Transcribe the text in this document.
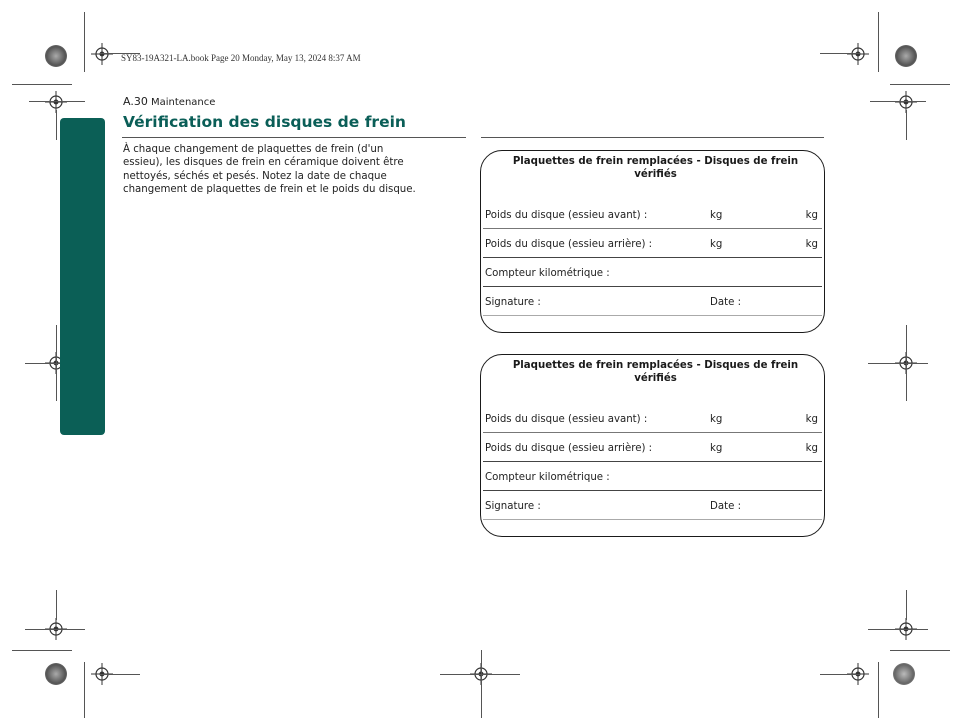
SY83-19A321-LA.book Page 20 Monday, May 13, 2024 8:37 AM
A.30 Maintenance
Vérification des disques de frein

À chaque changement de plaquettes de frein (d'un
essieu), les disques de frein en céramique doivent être
nettoyés, séchés et pesés. Notez la date de chaque
changement de plaquettes de frein et le poids du disque.

Plaquettes de frein remplacées - Disques de frein
vérifiés
Poids du disque (essieu avant) :	kg	kg
Poids du disque (essieu arrière) :	kg	kg
Compteur kilométrique :
Signature :	Date :
Plaquettes de frein remplacées - Disques de frein
vérifiés
Poids du disque (essieu avant) :	kg	kg
Poids du disque (essieu arrière) :	kg	kg
Compteur kilométrique :
Signature :	Date :
